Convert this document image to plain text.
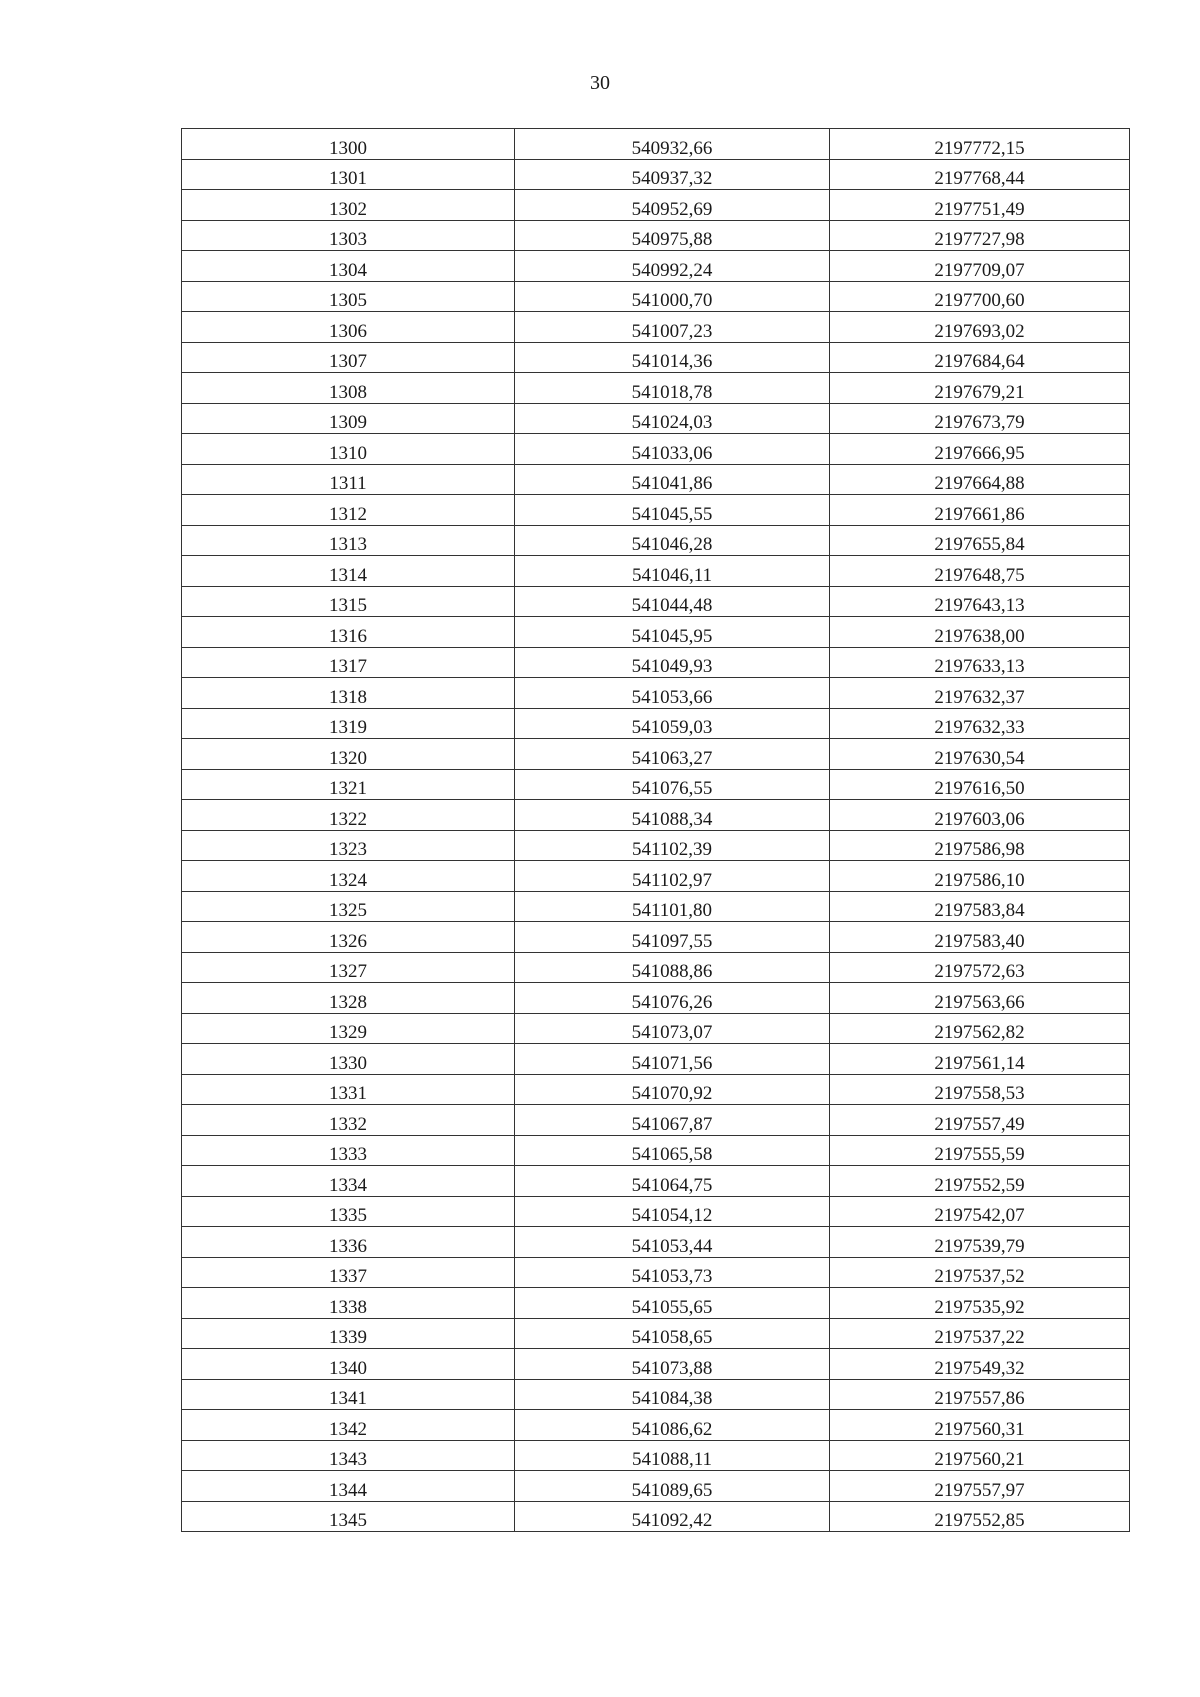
30
1300	540932,66	2197772,15
1301	540937,32	2197768,44
1302	540952,69	2197751,49
1303	540975,88	2197727,98
1304	540992,24	2197709,07
1305	541000,70	2197700,60
1306	541007,23	2197693,02
1307	541014,36	2197684,64
1308	541018,78	2197679,21
1309	541024,03	2197673,79
1310	541033,06	2197666,95
1311	541041,86	2197664,88
1312	541045,55	2197661,86
1313	541046,28	2197655,84
1314	541046,11	2197648,75
1315	541044,48	2197643,13
1316	541045,95	2197638,00
1317	541049,93	2197633,13
1318	541053,66	2197632,37
1319	541059,03	2197632,33
1320	541063,27	2197630,54
1321	541076,55	2197616,50
1322	541088,34	2197603,06
1323	541102,39	2197586,98
1324	541102,97	2197586,10
1325	541101,80	2197583,84
1326	541097,55	2197583,40
1327	541088,86	2197572,63
1328	541076,26	2197563,66
1329	541073,07	2197562,82
1330	541071,56	2197561,14
1331	541070,92	2197558,53
1332	541067,87	2197557,49
1333	541065,58	2197555,59
1334	541064,75	2197552,59
1335	541054,12	2197542,07
1336	541053,44	2197539,79
1337	541053,73	2197537,52
1338	541055,65	2197535,92
1339	541058,65	2197537,22
1340	541073,88	2197549,32
1341	541084,38	2197557,86
1342	541086,62	2197560,31
1343	541088,11	2197560,21
1344	541089,65	2197557,97
1345	541092,42	2197552,85
